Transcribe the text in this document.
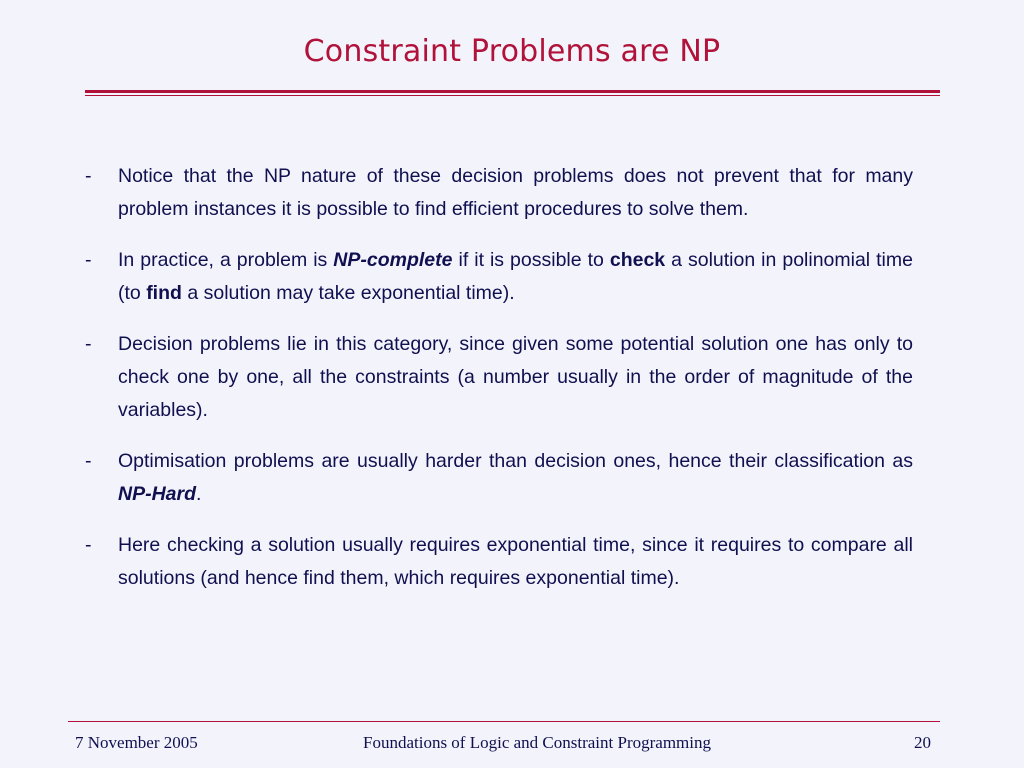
Constraint Problems are NP
-	Notice that the NP nature of these decision problems does not prevent that for many problem instances it is possible to find efficient procedures to solve them.
-	In practice, a problem is NP-complete if it is possible to check a solution in polinomial time (to find a solution may take exponential time).
-	Decision problems lie in this category, since given some potential solution one has only to check one by one, all the constraints (a number usually in the order of magnitude of the variables).
-	Optimisation problems are usually harder than decision ones, hence their classification as NP-Hard.
-	Here checking a solution usually requires exponential time, since it requires to compare all solutions (and hence find them, which requires exponential time).
7 November 2005	Foundations of Logic and Constraint Programming	20
